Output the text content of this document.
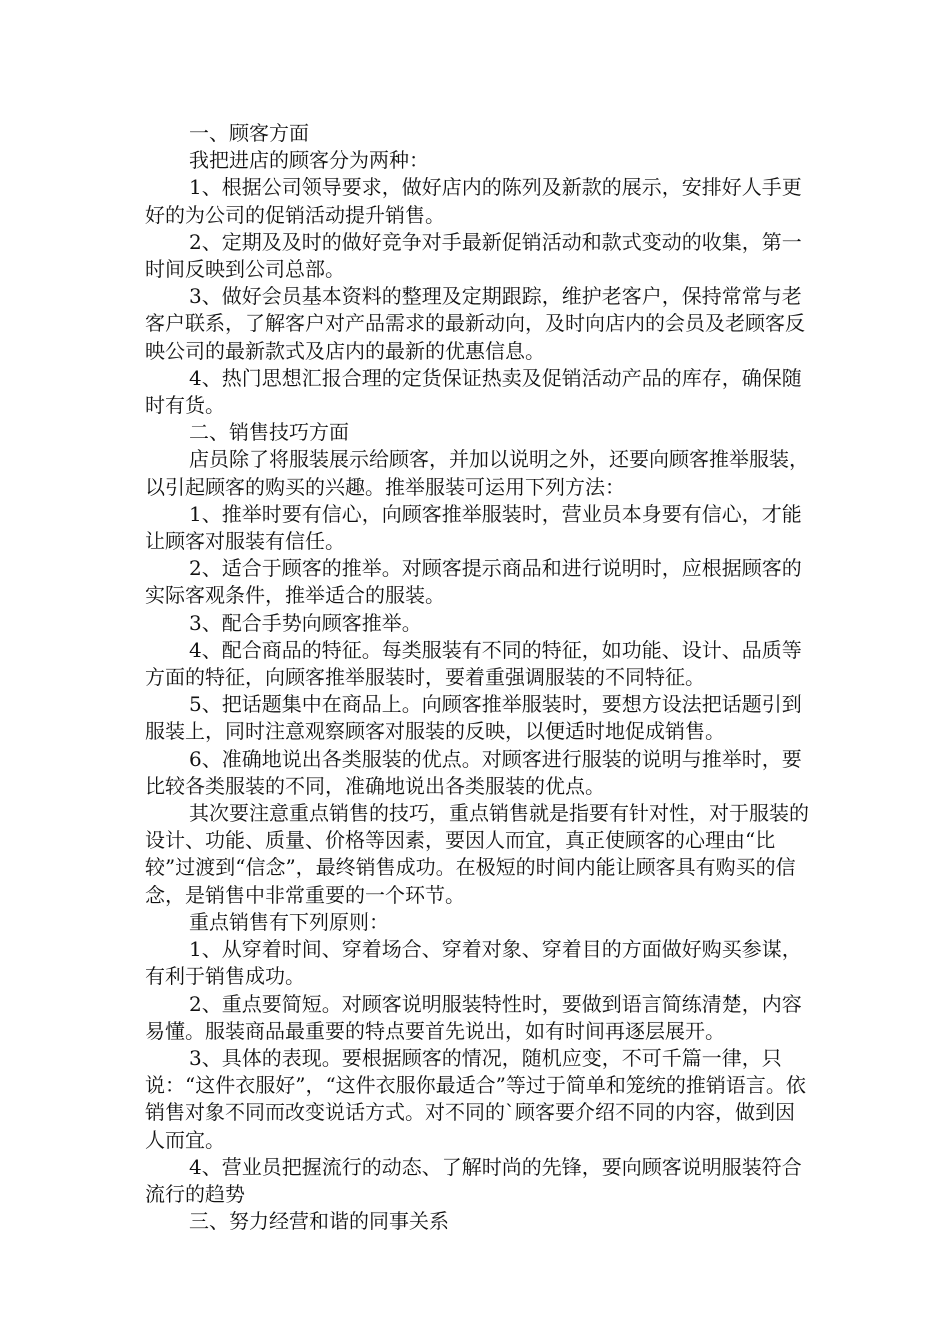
一、顾客方面

我把进店的顾客分为两种：

1、根据公司领导要求，做好店内的陈列及新款的展示，安排好人手更好的为公司的促销活动提升销售。

2、定期及及时的做好竞争对手最新促销活动和款式变动的收集，第一时间反映到公司总部。

3、做好会员基本资料的整理及定期跟踪，维护老客户，保持常常与老客户联系，了解客户对产品需求的最新动向，及时向店内的会员及老顾客反映公司的最新款式及店内的最新的优惠信息。

4、热门思想汇报合理的定货保证热卖及促销活动产品的库存，确保随时有货。

二、销售技巧方面

店员除了将服装展示给顾客，并加以说明之外，还要向顾客推举服装，以引起顾客的购买的兴趣。推举服装可运用下列方法：

1、推举时要有信心，向顾客推举服装时，营业员本身要有信心，才能让顾客对服装有信任。

2、适合于顾客的推举。对顾客提示商品和进行说明时，应根据顾客的实际客观条件，推举适合的服装。

3、配合手势向顾客推举。

4、配合商品的特征。每类服装有不同的特征，如功能、设计、品质等方面的特征，向顾客推举服装时，要着重强调服装的不同特征。

5、把话题集中在商品上。向顾客推举服装时，要想方设法把话题引到服装上，同时注意观察顾客对服装的反映，以便适时地促成销售。

6、准确地说出各类服装的优点。对顾客进行服装的说明与推举时，要比较各类服装的不同，准确地说出各类服装的优点。

其次要注意重点销售的技巧，重点销售就是指要有针对性，对于服装的设计、功能、质量、价格等因素，要因人而宜，真正使顾客的心理由“比较”过渡到“信念”，最终销售成功。在极短的时间内能让顾客具有购买的信念，是销售中非常重要的一个环节。

重点销售有下列原则：

1、从穿着时间、穿着场合、穿着对象、穿着目的方面做好购买参谋，有利于销售成功。

2、重点要简短。对顾客说明服装特性时，要做到语言简练清楚，内容易懂。服装商品最重要的特点要首先说出，如有时间再逐层展开。

3、具体的表现。要根据顾客的情况，随机应变，不可千篇一律，只说：“这件衣服好”，“这件衣服你最适合”等过于简单和笼统的推销语言。依销售对象不同而改变说话方式。对不同的`顾客要介绍不同的内容，做到因人而宜。

4、营业员把握流行的动态、了解时尚的先锋，要向顾客说明服装符合流行的趋势

三、努力经营和谐的同事关系
